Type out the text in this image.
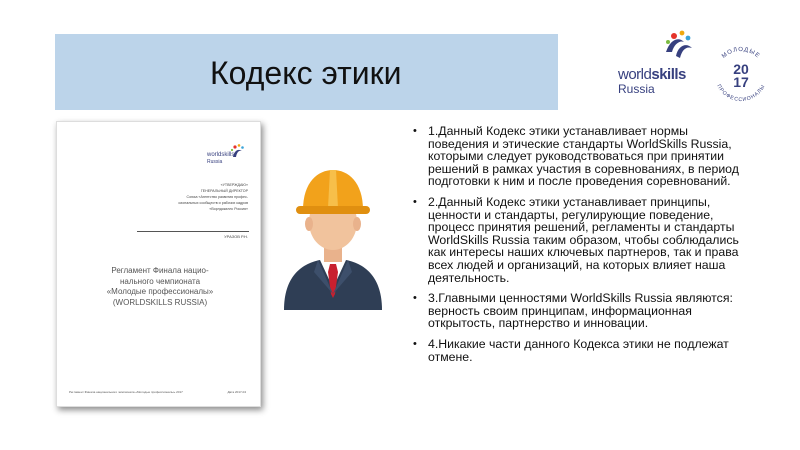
Кодекс этики	worldskills
Russia
МОЛОДЫЕ
ПРОФЕССИОНАЛЫ
20
17
worldskills
Russia
«УТВЕРЖДАЮ»
ГЕНЕРАЛЬНЫЙ ДИРЕКТОР
Союза «Агентство развития профес-
сиональных сообществ и рабочих кадров
«Ворлдскиллс Россия»
УРАЗОВ Р.Н.
Регламент Финала нацио-
нального чемпионата
«Молодые профессионалы»
(WORLDSKILLS RUSSIA)
Регламент Финала национального чемпионата «Молодые профессионалы» 2017	Дата 2017-04
• 1.Данный Кодекс этики устанавливает нормы поведения и этические стандарты WorldSkills Russia, которыми следует руководствоваться при принятии решений в рамках участия в соревнованиях, в период подготовки к ним и после проведения соревнований.
• 2.Данный Кодекс этики устанавливает принципы, ценности и стандарты, регулирующие поведение, процесс принятия решений, регламенты и стандарты WorldSkills Russia таким образом, чтобы соблюдались как интересы наших ключевых партнеров, так и права всех людей и организаций, на которых влияет наша деятельность.
• 3.Главными ценностями WorldSkills Russia являются: верность своим принципам, информационная открытость, партнерство и инновации.
• 4.Никакие части данного Кодекса этики не подлежат отмене.
